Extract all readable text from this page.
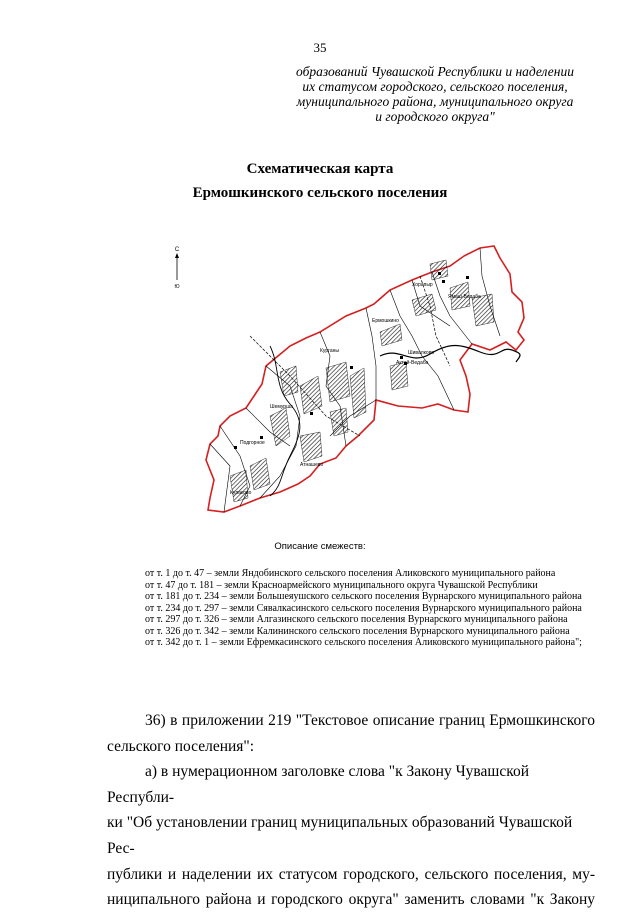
35
образований Чувашской Республики и наделении
их статусом городского, сельского поселения,
муниципального района, муниципального округа
и городского округа"
Схематическая карта
Ермошкинского сельского поселения
С
Ю	Хорапыр
Ямаш-Ведаба
Ермошкино
Шивалково
Актай-Ведаба
Курганы
Шемурша
Атнашево
Подгорное
Кулаково
Описание смежеств:
от т. 1 до т. 47 – земли Яндобинского сельского поселения Аликовского муниципального района
от т. 47 до т. 181 – земли Красноармейского муниципального округа Чувашской Республики
от т. 181 до т. 234 – земли Большеяушского сельского поселения Вурнарского муниципального района
от т. 234 до т. 297 – земли Сявалкасинского сельского поселения Вурнарского муниципального района
от т. 297 до т. 326 – земли Алгазинского сельского поселения Вурнарского муниципального района
от т. 326 до т. 342 – земли Калининского сельского поселения Вурнарского муниципального района
от т. 342 до т. 1 – земли Ефремкасинского сельского поселения Аликовского муниципального района";
36) в приложении 219 "Текстовое описание границ Ермошкинского
сельского поселения":
а) в нумерационном заголовке слова "к Закону Чувашской Республи-
ки "Об установлении границ муниципальных образований Чувашской Рес-
публики и наделении их статусом городского, сельского поселения, му-
ниципального района и городского округа" заменить словами "к Закону
